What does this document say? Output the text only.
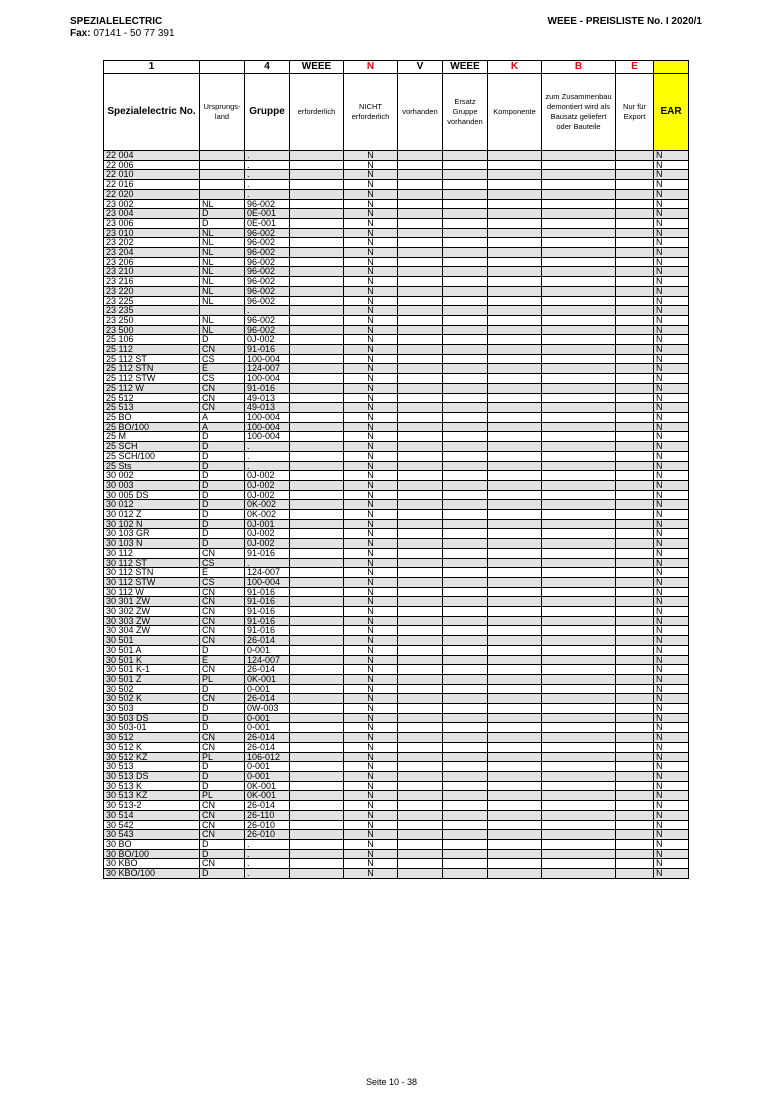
SPEZIALELECTRIC
Fax: 07141 - 50 77 391
WEEE - PREISLISTE No. I 2020/1
1		4	WEEE	N	V	WEEE	K	B	E	
Spezialelectric No.	Ursprungs-land	Gruppe	erforderlich	NICHT erforderlich	vorhanden	Ersatz Gruppe vorhanden	Komponente	zum Zusammenbau demontiert wird als Bausatz geliefert oder Bauteile	Nur für Export	EAR
22 004		.		N						N
22 006		.		N						N
22 010		.		N						N
22 016		.		N						N
22 020		.		N						N
23 002	NL	96-002		N						N
23 004	D	0E-001		N						N
23 006	D	0E-001		N						N
23 010	NL	96-002		N						N
23 202	NL	96-002		N						N
23 204	NL	96-002		N						N
23 206	NL	96-002		N						N
23 210	NL	96-002		N						N
23 216	NL	96-002		N						N
23 220	NL	96-002		N						N
23 225	NL	96-002		N						N
23 235		.		N						N
23 250	NL	96-002		N						N
23 500	NL	96-002		N						N
25 106	D	0J-002		N						N
25 112	CN	91-016		N						N
25 112 ST	CS	100-004		N						N
25 112 STN	E	124-007		N						N
25 112 STW	CS	100-004		N						N
25 112 W	CN	91-016		N						N
25 512	CN	49-013		N						N
25 513	CN	49-013		N						N
25 BO	A	100-004		N						N
25 BO/100	A	100-004		N						N
25 M	D	100-004		N						N
25 SCH	D	.		N						N
25 SCH/100	D	.		N						N
25 Sts	D	.		N						N
30 002	D	0J-002		N						N
30 003	D	0J-002		N						N
30 005 DS	D	0J-002		N						N
30 012	D	0K-002		N						N
30 012 Z	D	0K-002		N						N
30 102 N	D	0J-001		N						N
30 103 GR	D	0J-002		N						N
30 103 N	D	0J-002		N						N
30 112	CN	91-016		N						N
30 112 ST	CS	.		N						N
30 112 STN	E	124-007		N						N
30 112 STW	CS	100-004		N						N
30 112 W	CN	91-016		N						N
30 301 ZW	CN	91-016		N						N
30 302 ZW	CN	91-016		N						N
30 303 ZW	CN	91-016		N						N
30 304 ZW	CN	91-016		N						N
30 501	CN	26-014		N						N
30 501 A	D	0-001		N						N
30 501 K	E	124-007		N						N
30 501 K-1	CN	26-014		N						N
30 501 Z	PL	0K-001		N						N
30 502	D	0-001		N						N
30 502 K	CN	26-014		N						N
30 503	D	0W-003		N						N
30 503 DS	D	0-001		N						N
30 503-01	D	0-001		N						N
30 512	CN	26-014		N						N
30 512 K	CN	26-014		N						N
30 512 KZ	PL	106-012		N						N
30 513	D	0-001		N						N
30 513 DS	D	0-001		N						N
30 513 K	D	0K-001		N						N
30 513 KZ	PL	0K-001		N						N
30 513-2	CN	26-014		N						N
30 514	CN	26-110		N						N
30 542	CN	26-010		N						N
30 543	CN	26-010		N						N
30 BO	D	.		N						N
30 BO/100	D	.		N						N
30 KBO	CN	.		N						N
30 KBO/100	D	.		N						N
Seite 10 - 38
